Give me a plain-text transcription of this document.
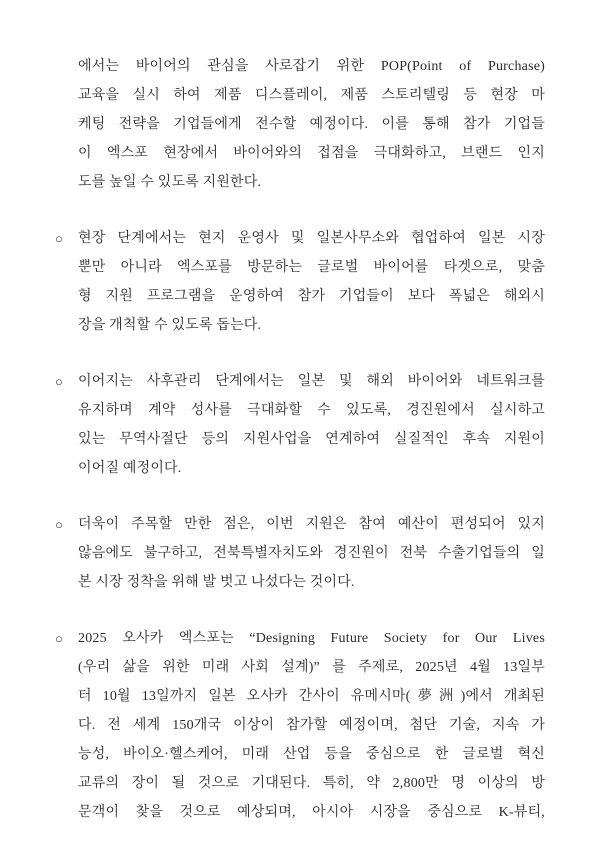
에서는 바이어의 관심을 사로잡기 위한 POP(Point of Purchase)
교육을 실시 하여 제품 디스플레이, 제품 스토리텔링 등 현장 마
케팅 전략을 기업들에게 전수할 예정이다. 이를 통해 참가 기업들
이 엑스포 현장에서 바이어와의 접점을 극대화하고, 브랜드 인지
도를 높일 수 있도록 지원한다.
○	현장 단계에서는 현지 운영사 및 일본사무소와 협업하여 일본 시장
뿐만 아니라 엑스포를 방문하는 글로벌 바이어를 타겟으로, 맞춤
형 지원 프로그램을 운영하여 참가 기업들이 보다 폭넓은 해외시
장을 개척할 수 있도록 돕는다.
○	이어지는 사후관리 단계에서는 일본 및 해외 바이어와 네트워크를
유지하며 계약 성사를 극대화할 수 있도록, 경진원에서 실시하고
있는 무역사절단 등의 지원사업을 연계하여 실질적인 후속 지원이
이어질 예정이다.
○	더욱이 주목할 만한 점은, 이번 지원은 참여 예산이 편성되어 있지
않음에도 불구하고, 전북특별자치도와 경진원이 전북 수출기업들의 일
본 시장 정착을 위해 발 벗고 나섰다는 것이다.
○	2025 오사카 엑스포는 “Designing Future Society for Our Lives
(우리 삶을 위한 미래 사회 설계)” 를 주제로, 2025년 4월 13일부
터 10월 13일까지 일본 오사카 간사이 유메시마(夢洲)에서 개최된
다. 전 세계 150개국 이상이 참가할 예정이며, 첨단 기술, 지속 가
능성, 바이오·헬스케어, 미래 산업 등을 중심으로 한 글로벌 혁신
교류의 장이 될 것으로 기대된다. 특히, 약 2,800만 명 이상의 방
문객이 찾을 것으로 예상되며, 아시아 시장을 중심으로 K-뷰티,
